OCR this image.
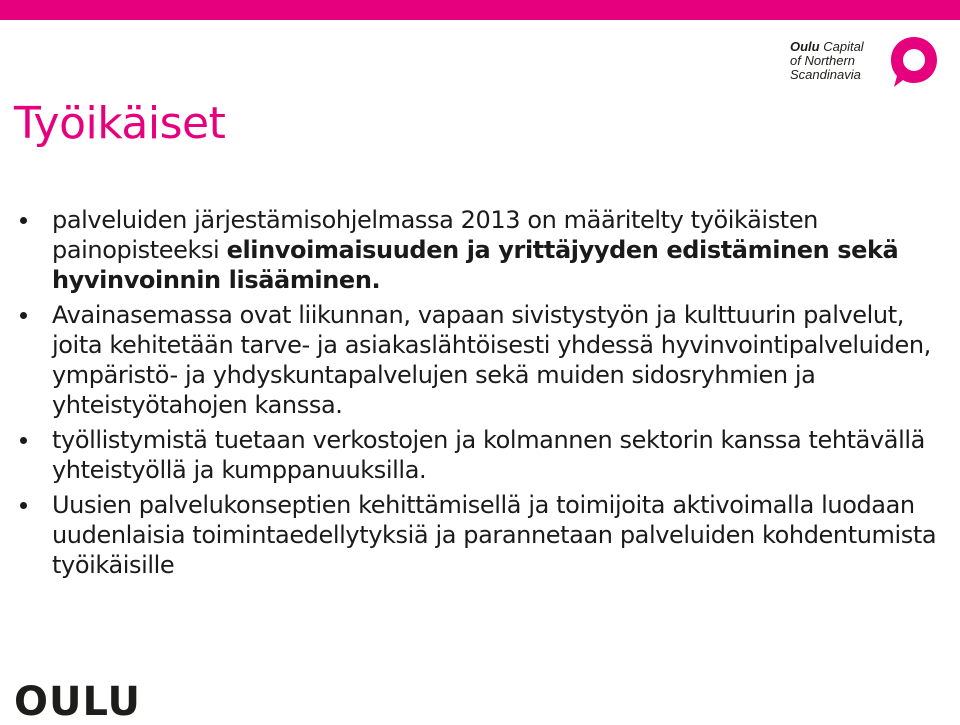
Oulu Capital
of Northern
Scandinavia
Työikäiset
palveluiden järjestämisohjelmassa 2013 on määritelty työikäisten painopisteeksi elinvoimaisuuden ja yrittäjyyden edistäminen sekä hyvinvoinnin lisääminen.
Avainasemassa ovat liikunnan, vapaan sivistystyön ja kulttuurin palvelut, joita kehitetään tarve- ja asiakaslähtöisesti yhdessä hyvinvointipalveluiden, ympäristö- ja yhdyskuntapalvelujen sekä muiden sidosryhmien ja yhteistyötahojen kanssa.
työllistymistä tuetaan verkostojen ja kolmannen sektorin kanssa tehtävällä yhteistyöllä ja kumppanuuksilla.
Uusien palvelukonseptien kehittämisellä ja toimijoita aktivoimalla luodaan uudenlaisia toimintaedellytyksiä ja parannetaan palveluiden kohdentumista työikäisille
OULU
